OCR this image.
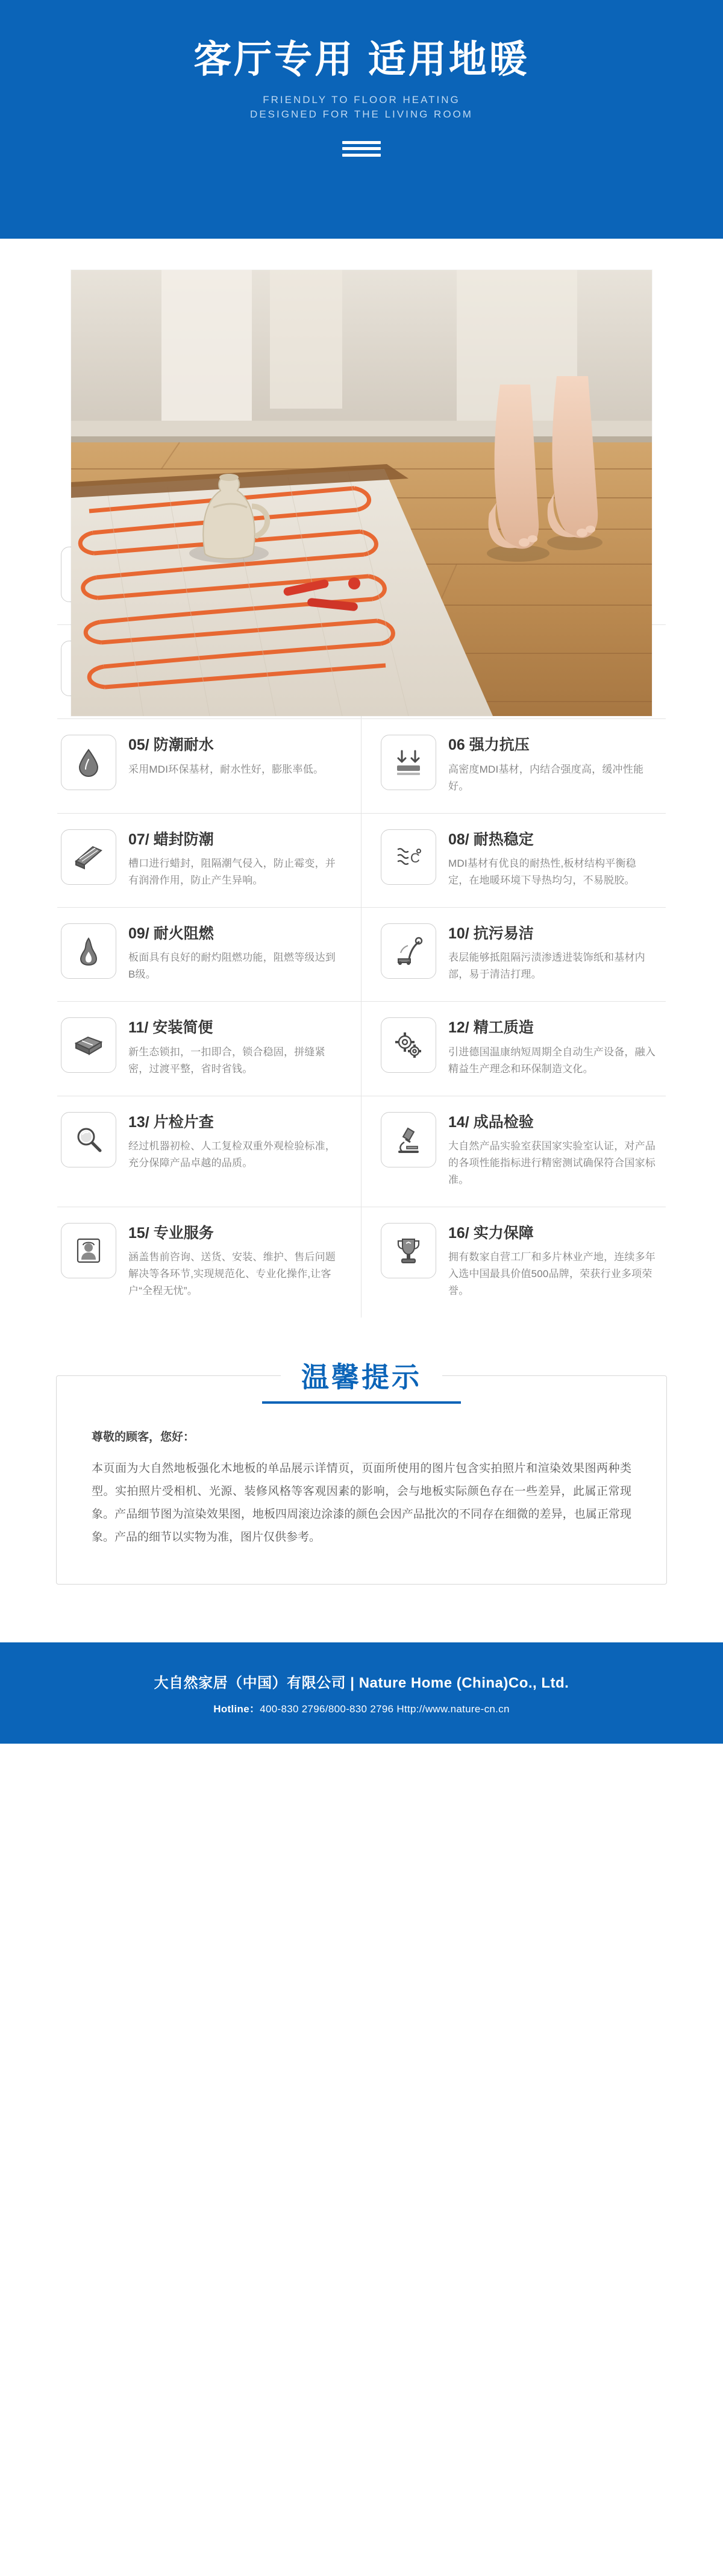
客厅专用 适用地暖
FRIENDLY TO FLOOR HEATING
DESIGNED FOR THE LIVING ROOM
05/ 防潮耐水
采用MDI环保基材，耐水性好，膨胀率低。
06 强力抗压
高密度MDI基材，内结合强度高，缓冲性能好。
07/ 蜡封防潮
槽口进行蜡封，阻隔潮气侵入，防止霉变，并有润滑作用，防止产生异响。
C
08/ 耐热稳定
MDI基材有优良的耐热性,板材结构平衡稳定，在地暖环境下导热均匀，不易脱胶。
09/ 耐火阻燃
板面具有良好的耐灼阻燃功能，阻燃等级达到B级。
10/ 抗污易洁
表层能够抵阻隔污渍渗透进装饰纸和基材内部，易于清洁打理。
11/ 安装简便
新生态锁扣，一扣即合，锁合稳固，拼缝紧密，过渡平整，省时省钱。
12/ 精工质造
引进德国温康纳短周期全自动生产设备，融入精益生产理念和环保制造文化。
13/ 片检片查
经过机器初检、人工复检双重外观检验标准，充分保障产品卓越的品质。
14/ 成品检验
大自然产品实验室获国家实验室认证，对产品的各项性能指标进行精密测试确保符合国家标准。
15/ 专业服务
涵盖售前咨询、送货、安装、维护、售后问题解决等各环节,实现规范化、专业化操作,让客户“全程无忧”。
16/ 实力保障
拥有数家自营工厂和多片林业产地，连续多年入选中国最具价值500品牌，荣获行业多项荣誉。
温馨提示
尊敬的顾客，您好：
本页面为大自然地板强化木地板的单品展示详情页，页面所使用的图片包含实拍照片和渲染效果图两种类型。实拍照片受相机、光源、装修风格等客观因素的影响，会与地板实际颜色存在一些差异，此属正常现象。产品细节图为渲染效果图，地板四周滚边涂漆的颜色会因产品批次的不同存在细微的差异，也属正常现象。产品的细节以实物为准，图片仅供参考。
大自然家居（中国）有限公司 | Nature Home (China)Co., Ltd.
Hotline：400-830 2796/800-830 2796 Http://www.nature-cn.cn
